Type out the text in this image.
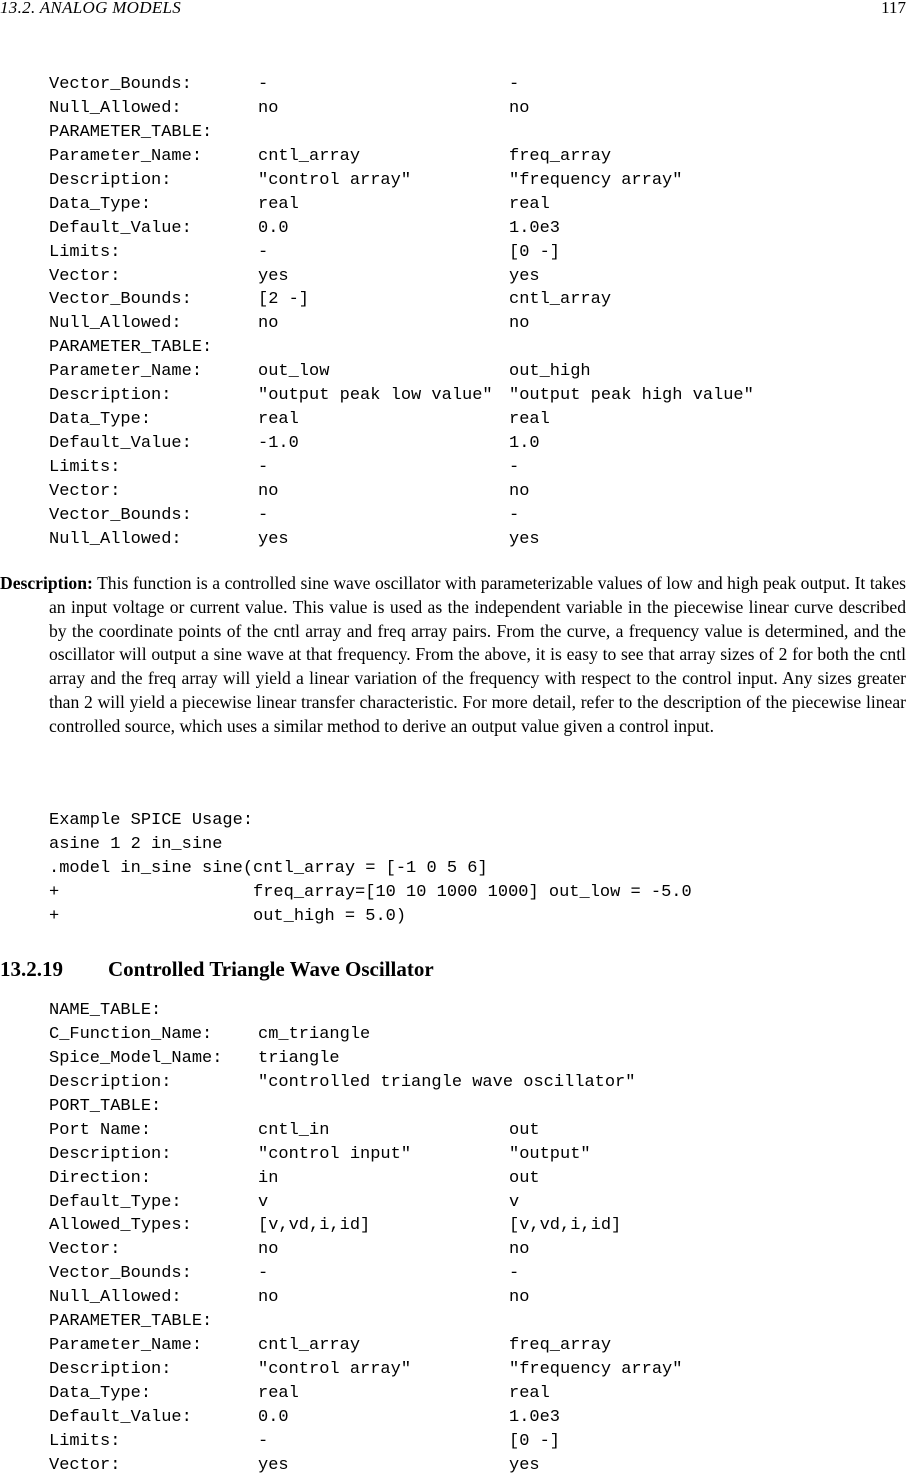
13.2. ANALOG MODELS	117
Vector_Bounds:	-	-
Null_Allowed:	no	no
PARAMETER_TABLE:
Parameter_Name:	cntl_array	freq_array
Description:	"control array"	"frequency array"
Data_Type:	real	real
Default_Value:	0.0	1.0e3
Limits:	-	[0 -]
Vector:	yes	yes
Vector_Bounds:	[2 -]	cntl_array
Null_Allowed:	no	no
PARAMETER_TABLE:
Parameter_Name:	out_low	out_high
Description:	"output peak low value" "output peak high value"
Data_Type:	real	real
Default_Value:	-1.0	1.0
Limits:	-	-
Vector:	no	no
Vector_Bounds:	-	-
Null_Allowed:	yes	yes

Description: This function is a controlled sine wave oscillator with parameterizable values of low and high peak output. It takes an input voltage or current value. This value is used as the independent variable in the piecewise linear curve described by the coordinate points of the cntl array and freq array pairs. From the curve, a frequency value is determined, and the oscillator will output a sine wave at that frequency. From the above, it is easy to see that array sizes of 2 for both the cntl array and the freq array will yield a linear variation of the frequency with respect to the control input. Any sizes greater than 2 will yield a piecewise linear transfer characteristic. For more detail, refer to the description of the piecewise linear controlled source, which uses a similar method to derive an output value given a control input.

Example SPICE Usage:
asine 1 2 in_sine
.model in_sine sine(cntl_array = [-1 0 5 6]
+                   freq_array=[10 10 1000 1000] out_low = -5.0
+                   out_high = 5.0)
13.2.19 Controlled Triangle Wave Oscillator
NAME_TABLE:
C_Function_Name:	cm_triangle
Spice_Model_Name: triangle
Description:	"controlled triangle wave oscillator"
PORT_TABLE:
Port Name:	cntl_in	out
Description:	"control input"	"output"
Direction:	in	out
Default_Type:	v	v
Allowed_Types:	[v,vd,i,id]	[v,vd,i,id]
Vector:	no	no
Vector_Bounds:	-	-
Null_Allowed:	no	no
PARAMETER_TABLE:
Parameter_Name:	cntl_array	freq_array
Description:	"control array"	"frequency array"
Data_Type:	real	real
Default_Value:	0.0	1.0e3
Limits:	-	[0 -]
Vector:	yes	yes
